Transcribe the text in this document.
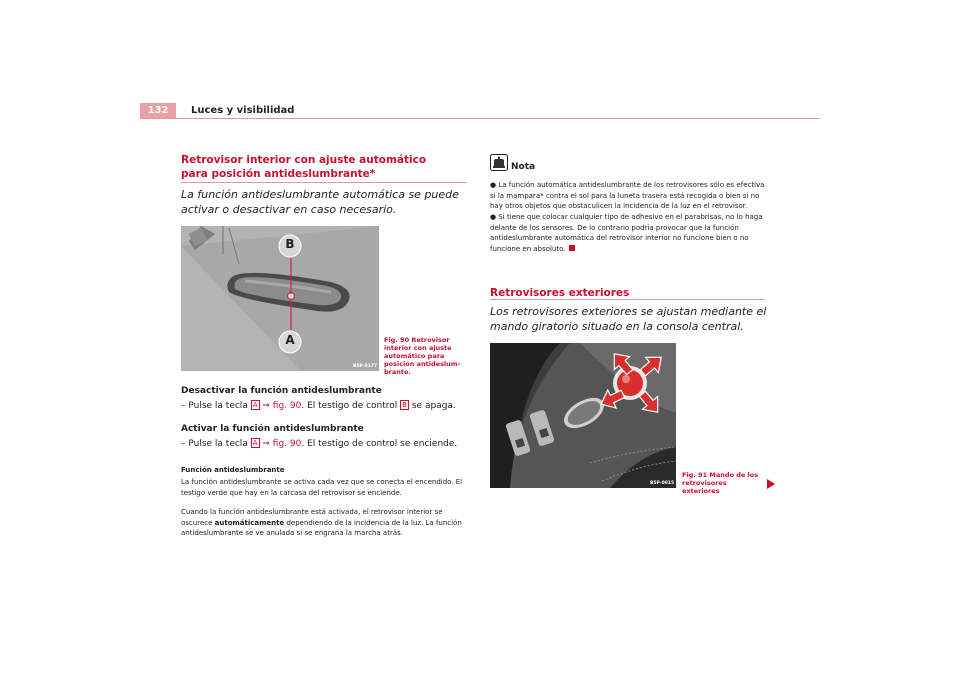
132	Luces y visibilidad
Retrovisor interior con ajuste automático para posición antideslumbrante*
La función antideslumbrante automática se puede activar o desactivar en caso necesario.
B
A
B5P-0177
Fig. 90 Retrovisor interior con ajuste automático para posición antideslumbrante.
Desactivar la función antideslumbrante
– Pulse la tecla A ⇒ fig. 90. El testigo de control B se apaga.
Activar la función antideslumbrante
– Pulse la tecla A ⇒ fig. 90. El testigo de control se enciende.
Función antideslumbrante
La función antideslumbrante se activa cada vez que se conecta el encendido. El testigo verde que hay en la carcasa del retrovisor se enciende.
Cuando la función antideslumbrante está activada, el retrovisor interior se oscurece automáticamente dependiendo de la incidencia de la luz. La función antideslumbrante se ve anulada si se engrana la marcha atrás.
Nota
● La función automática antideslumbrante de los retrovisores sólo es efectiva si la mampara* contra el sol para la luneta trasera está recogida o bien si no hay otros objetos que obstaculicen la incidencia de la luz en el retrovisor.
● Si tiene que colocar cualquier tipo de adhesivo en el parabrisas, no lo haga delante de los sensores. De lo contrario podría provocar que la función antideslumbrante automática del retrovisor interior no funcione bien o no funcione en absoluto.
Retrovisores exteriores
Los retrovisores exteriores se ajustan mediante el mando giratorio situado en la consola central.
B5P-0015
Fig. 91 Mando de los retrovisores exteriores
